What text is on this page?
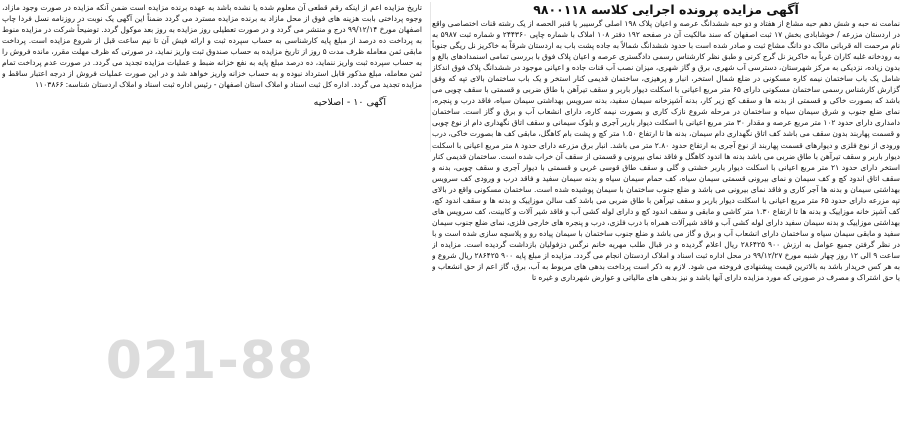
آگهی مزایده پرونده اجرایی کلاسه ۹۸۰۰۱۱۸

نمامت نه حبه و شش دهم حبه مشاع از هفتاد و دو حبه ششدانگ عرصه و اعیان پلاک ۱۹۸ اصلی گرسیبر یا قنبر الحصه از یک رشته قنات اختصاصی واقع در اردستان مزرعه / خوشابادی بخش ۱۷ ثبت اصفهان که سند مالکیت آن در صفحه ۱۹۲ دفتر ۱۰۸ املاک با شماره چاپی ۲۴۴۳۶۰ و شماره ثبت ۵۹۸۷ به نام مرحمت اله قربانی مالک دو دانگ مشاع ثبت و صادر شده است با حدود ششدانگ شمالاً به جاده پشت باب به اردستان شرقاً به خاکریز نل ریگی جنوباً به رودخانه غلبه کاران غرباً به خاکریز نل گرج کرنی و طبق نظر کارشناس رسمی دادگستری عرصه و اعیان پلاک فوق با بررسی تمامی اسنمدادهای بالغ و بدون زیاده، نزدیکی به مرکز شهرستان، دسترسی آب شهری، برق و گاز شهری، میزان نصب آب قنات جاده و اعیانی موجود در ششدانگ پلاک فوق اندکاز شامل یک باب ساختمان نیمه کاره مسکونی در ضلع شمال استخر، انبار و پرهیزی، ساختمان قدیمی کنار استخر و یک باب ساختمان بالای تپه که وفق گزارش کارشناس رسمی ساختمان مسکونی دارای ۶۵ متر مربع اعیانی با اسکلت دیوار باربر و سقف تیرآهن با طاق ضربی و قسمتی با سقف چوبی می باشد که بصورت خاکی و قسمتی از بدنه ها و سقف کچ زیر کار، بدنه آشپزخانه سیمان سفید، بدنه سرویس بهداشتی سیمان سیاه، فاقد درب و پنجره، نمای ضلع جنوب و شرق سیمان سیاه و ساختمان در مرحله شروع نازک کاری و بصورت نیمه کاره، دارای انشعاب آب و برق و گاز است. ساختمان دامداری دارای حدود ۱۰۲ متر مربع عرصه و مقدار ۳۰ متر مربع اعیانی با اسکلت دیوار باربر آجری و بلوک سیمانی و سقف اتاق نگهداری دام از نوع چوبی و قسمت پهاربند بدون سقف می باشد کف اتاق نگهداری دام سیمان، بدنه ها تا ارتفاع ۱.۵۰ متر کچ و پشت بام کاهگل، مابقی کف ها بصورت خاکی، درب ورودی از نوع فلزی و دیوارهای قسمت پهاربند از نوع آجری به ارتفاع حدود ۲.۸۰ متر می باشد. انبار برق مزرعه دارای حدود ۸ متر مربع اعیانی با اسکلت دیوار باربر و سقف تیرآهن با طاق ضربی می باشد بدنه ها اندود کاهگل و فاقد نمای بیرونی و قسمتی از سقف آن خراب شده است. ساختمان قدیمی کنار استخر دارای حدود ۲۱ متر مربع اعیانی با اسکلت دیوار باربر خشتی و گلی و سقف طاق قوسی غربی و قسمتی با دیوار آجری و سقف چوبی، بدنه و سقف اتاق اندود کچ و کف سیمان و نمای بیرونی قسمتی سیمان سیاه، کف حمام سیمان سیاه و بدنه سیمان سفید و فاقد درب و ورودی کف سرویس بهداشتی سیمان و بدنه ها آجر کاری و فاقد نمای بیرونی می باشد و ضلع جنوب ساختمان با سیمان پوشیده شده است. ساختمان مسکونی واقع در بالای تپه مزرعه دارای حدود ۶۵ متر مربع اعیانی با اسکلت دیوار باربر و سقف تیرآهن با طاق ضربی می باشد کف سالن موزاییک و بدنه ها و سقف اندود کچ، کف آشپز خانه موزاییک و بدنه ها تا ارتفاع ۱.۳۰ متر کاشی و مابقی و سقف اندود کچ و دارای لوله کشی آب و فاقد شیر آلات و کابینت، کف سرویس های بهداشتی موزاییک و بدنه سیمان سفید دارای لوله کشی آب و فاقد شیرآلات همراه با درب فلزی، درب و پنجره های خارجی فلزی، نمای ضلع جنوب سیمان سفید و مابقی سیمان سیاه و ساختمان دارای انشعاب آب و برق و گاز می باشد و ضلع جنوب ساختمان با سیمان پیاده رو و پلاسچه سازی شده است و با در نظر گرفتن جمیع عوامل به ارزش ۹۰۰ ۲۸۶۴۲۵ ریال اعلام گردیده و در قبال طلب مهریه خانم نرگس دزفولیان بازداشت گردیده است. مزایده از ساعت ۹ الی ۱۲ روز چهار شنبه مورخ ۹۹/۱۲/۲۷ در محل اداره ثبت اسناد و املاک اردستان انجام می گردد. مزایده از مبلغ پایه ۹۰۰ ۲۸۶۴۲۵ ریال شروع و به هر کس خریدار باشد به بالاترین قیمت پیشنهادی فروخته می شود. لازم به ذکر است پرداخت بدهی های مربوط به آب، برق، گاز اعم از حق انشعاب و یا حق اشتراک و مصرف در صورتی که مورد مزایده دارای آنها باشد و نیز بدهی های مالیاتی و عوارض شهرداری و غیره تا

تاریخ مزایده اعم از اینکه رقم قطعی آن معلوم شده یا نشده باشد به عهده برنده مزایده است ضمن آنکه مزایده در صورت وجود مازاد، وجوه پرداختی بابت هزینه های فوق از محل مازاد به برنده مزایده مسترد می گردد ضمناً این آگهی یک نوبت در روزنامه نسل فردا چاپ اصفهان مورخ ۹۹/۱۲/۱۴ درج و منتشر می گردد و در صورت تعطیلی روز مزایده به روز بعد موکول گردد. توضیحاً شرکت در مزایده منوط به پرداخت ده درصد از مبلغ پایه کارشناسی به حساب سپرده ثبت و ارائه فیش آن تا نیم ساعت قبل از شروع مزایده است. پرداخت مابقی ثمن معامله ظرف مدت ۵ روز از تاریخ مزایده به حساب صندوق ثبت واریز نماید، در صورتی که ظرف مهلت مقرر، مانده فروش را به حساب سپرده ثبت واریز ننماید، ده درصد مبلغ پایه به نفع خزانه ضبط و عملیات مزایده تجدید می گردد. در صورت عدم پرداخت تمام ثمن معامله، مبلغ مذکور قابل استرداد نبوده و به حساب خزانه واریز خواهد شد و در این صورت عملیات فروش از درجه اعتبار ساقط و مزایده تجدید می گردد. اداره کل ثبت اسناد و املاک استان اصفهان - رئیس اداره ثبت اسناد و املاک اردستان شناسه: ۱۱۰۳۸۶۶

آگهی ۱۰ - اصلاحیه
021-88
